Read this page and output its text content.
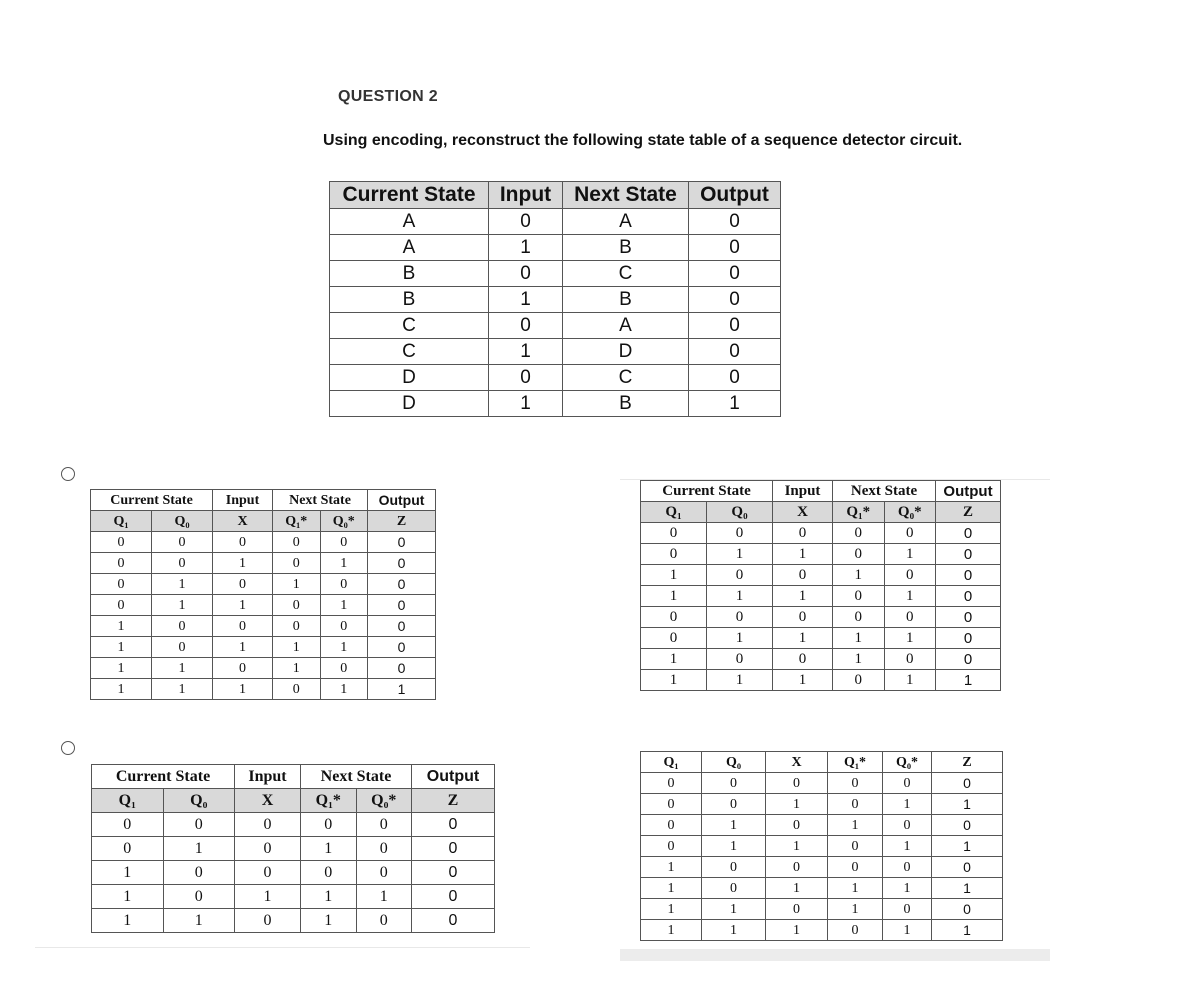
QUESTION 2
Using encoding, reconstruct the following state table of a sequence detector circuit.
Current State	Input	Next State	Output
A	0	A	0
A	1	B	0
B	0	C	0
B	1	B	0
C	0	A	0
C	1	D	0
D	0	C	0
D	1	B	1
Current State		Input	Next State		Output
Q₁	Q₀	X	Q₁*	Q₀*	Z
0	0	0	0	0	0
0	0	1	0	1	0
0	1	0	1	0	0
0	1	1	0	1	0
1	0	0	0	0	0
1	0	1	1	1	0
1	1	0	1	0	0
1	1	1	0	1	1
Current State		Input	Next State		Output
Q₁	Q₀	X	Q₁*	Q₀*	Z
0	0	0	0	0	0
0	1	1	0	1	0
1	0	0	1	0	0
1	1	1	0	1	0
0	0	0	0	0	0
0	1	1	1	1	0
1	0	0	1	0	0
1	1	1	0	1	1
Current State		Input	Next State		Output
Q₁	Q₀	X	Q₁*	Q₀*	Z
0	0	0	0	0	0
0	1	0	1	0	0
1	0	0	0	0	0
1	0	1	1	1	0
1	1	0	1	0	0
Q₁	Q₀	X	Q₁*	Q₀*	Z
0	0	0	0	0	0
0	0	1	0	1	1
0	1	0	1	0	0
0	1	1	0	1	1
1	0	0	0	0	0
1	0	1	1	1	1
1	1	0	1	0	0
1	1	1	0	1	1
